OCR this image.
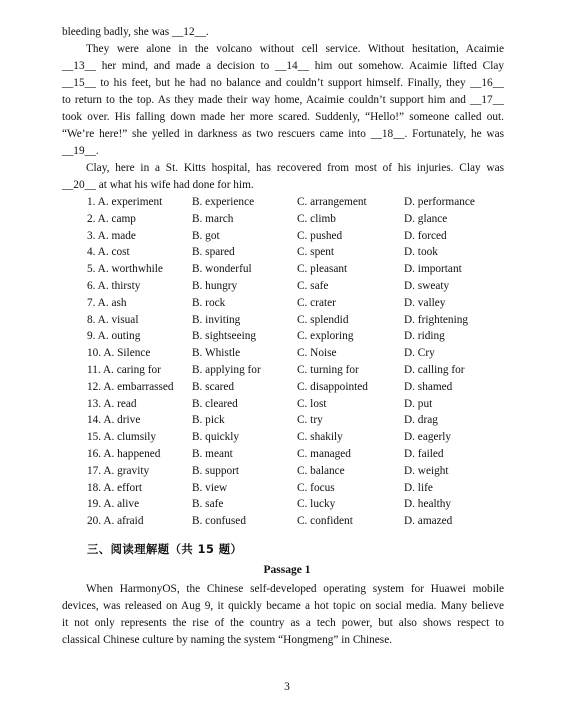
bleeding badly, she was __12__.
They were alone in the volcano without cell service. Without hesitation, Acaimie
__13__ her mind, and made a decision to __14__ him out somehow. Acaimie lifted Clay
__15__ to his feet, but he had no balance and couldn’t support himself. Finally, they __16__
to return to the top. As they made their way home, Acaimie couldn’t support him and __17__
took over. His falling down made her more scared. Suddenly, “Hello!” someone called out.
“We’re here!” she yelled in darkness as two rescuers came into __18__. Fortunately, he was
__19__.
Clay, here in a St. Kitts hospital, has recovered from most of his injuries. Clay was
__20__ at what his wife had done for him.
1. A. experiment	B. experience	C. arrangement	D. performance
2. A. camp	B. march	C. climb	D. glance
3. A. made	B. got	C. pushed	D. forced
4. A. cost	B. spared	C. spent	D. took
5. A. worthwhile	B. wonderful	C. pleasant	D. important
6. A. thirsty	B. hungry	C. safe	D. sweaty
7. A. ash	B. rock	C. crater	D. valley
8. A. visual	B. inviting	C. splendid	D. frightening
9. A. outing	B. sightseeing	C. exploring	D. riding
10. A. Silence	B. Whistle	C. Noise	D. Cry
11. A. caring for	B. applying for	C. turning for	D. calling for
12. A. embarrassed	B. scared	C. disappointed	D. shamed
13. A. read	B. cleared	C. lost	D. put
14. A. drive	B. pick	C. try	D. drag
15. A. clumsily	B. quickly	C. shakily	D. eagerly
16. A. happened	B. meant	C. managed	D. failed
17. A. gravity	B. support	C. balance	D. weight
18. A. effort	B. view	C. focus	D. life
19. A. alive	B. safe	C. lucky	D. healthy
20. A. afraid	B. confused	C. confident	D. amazed
三、阅读理解题（共 15 题）
Passage 1
When HarmonyOS, the Chinese self-developed operating system for Huawei mobile
devices, was released on Aug 9, it quickly became a hot topic on social media. Many believe
it not only represents the rise of the country as a tech power, but also shows respect to
classical Chinese culture by naming the system “Hongmeng” in Chinese.
3
